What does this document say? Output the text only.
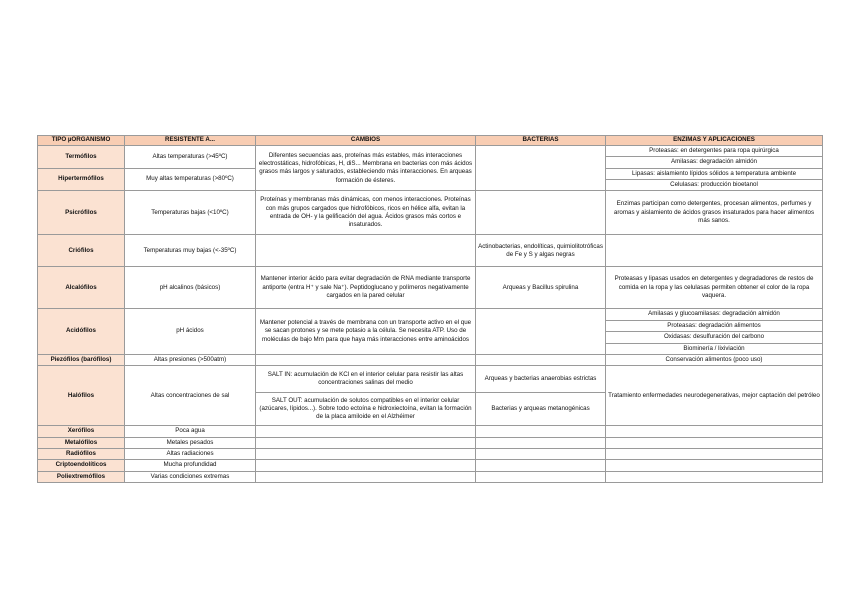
TIPO µORGANISMO	RESISTENTE A...	CAMBIOS	BACTERIAS	ENZIMAS Y APLICACIONES
Termófilos	Altas temperaturas (>45ºC)	Diferentes secuencias aas, proteínas más estables, más interacciones electrostáticas, hidrofóbicas, H, diS... Membrana en bacterias con más ácidos grasos más largos y saturados, estableciendo más interacciones. En arqueas formación de ésteres.		Proteasas: en detergentes para ropa quirúrgica
				Amilasas: degradación almidón
Hipertermófilos	Muy altas temperaturas (>80ºC)			Lipasas: aislamiento lípidos sólidos a temperatura ambiente
				Celulasas: producción bioetanol
Psicrófilos	Temperaturas bajas (<10ºC)	Proteínas y membranas más dinámicas, con menos interacciones. Proteínas con más grupos cargados que hidrofóbicos, ricos en hélice alfa, evitan la entrada de OH- y la gelificación del agua. Ácidos grasos más cortos e insaturados.		Enzimas participan como detergentes, procesan alimentos, perfumes y aromas y aislamiento de ácidos grasos insaturados para hacer alimentos más sanos.
Criófilos	Temperaturas muy bajas (<-35ºC)		Actinobacterias, endolíticas, quimiolitotróficas de Fe y S y algas negras	
Alcalófilos	pH alcalinos (básicos)	Mantener interior ácido para evitar degradación de RNA mediante transporte antiporte (entra H⁺ y sale Na⁺). Peptidoglucano y polímeros negativamente cargados en la pared celular	Arqueas y Bacillus spirulina	Proteasas y lipasas usados en detergentes y degradadores de restos de comida en la ropa y las celulasas permiten obtener el color de la ropa vaquera.
Acidófilos	pH ácidos	Mantener potencial a través de membrana con un transporte activo en el que se sacan protones y se mete potasio a la célula. Se necesita ATP. Uso de moléculas de bajo Mm para que haya más interacciones entre aminoácidos		Amilasas y glucoamilasas: degradación almidón
				Proteasas: degradación alimentos
				Oxidasas: desulfuración del carbono
				Biominería / lixiviación
Piezófilos (barófilos)	Altas presiones (>500atm)			Conservación alimentos (poco uso)
Halófilos	Altas concentraciones de sal	SALT IN: acumulación de KCl en el interior celular para resistir las altas concentraciones salinas del medio	Arqueas y bacterias anaerobias estrictas	Tratamiento enfermedades neurodegenerativas, mejor captación del petróleo
		SALT OUT: acumulación de solutos compatibles en el interior celular (azúcares, lípidos...). Sobre todo ectoína e hidroxiectoína, evitan la formación de la placa amiloide en el Alzhéimer	Bacterias y arqueas metanogénicas	
Xerófilos	Poca agua			
Metalófilos	Metales pesados			
Radiófilos	Altas radiaciones			
Criptoendolíticos	Mucha profundidad			
Poliextremófilos	Varias condiciones extremas			
